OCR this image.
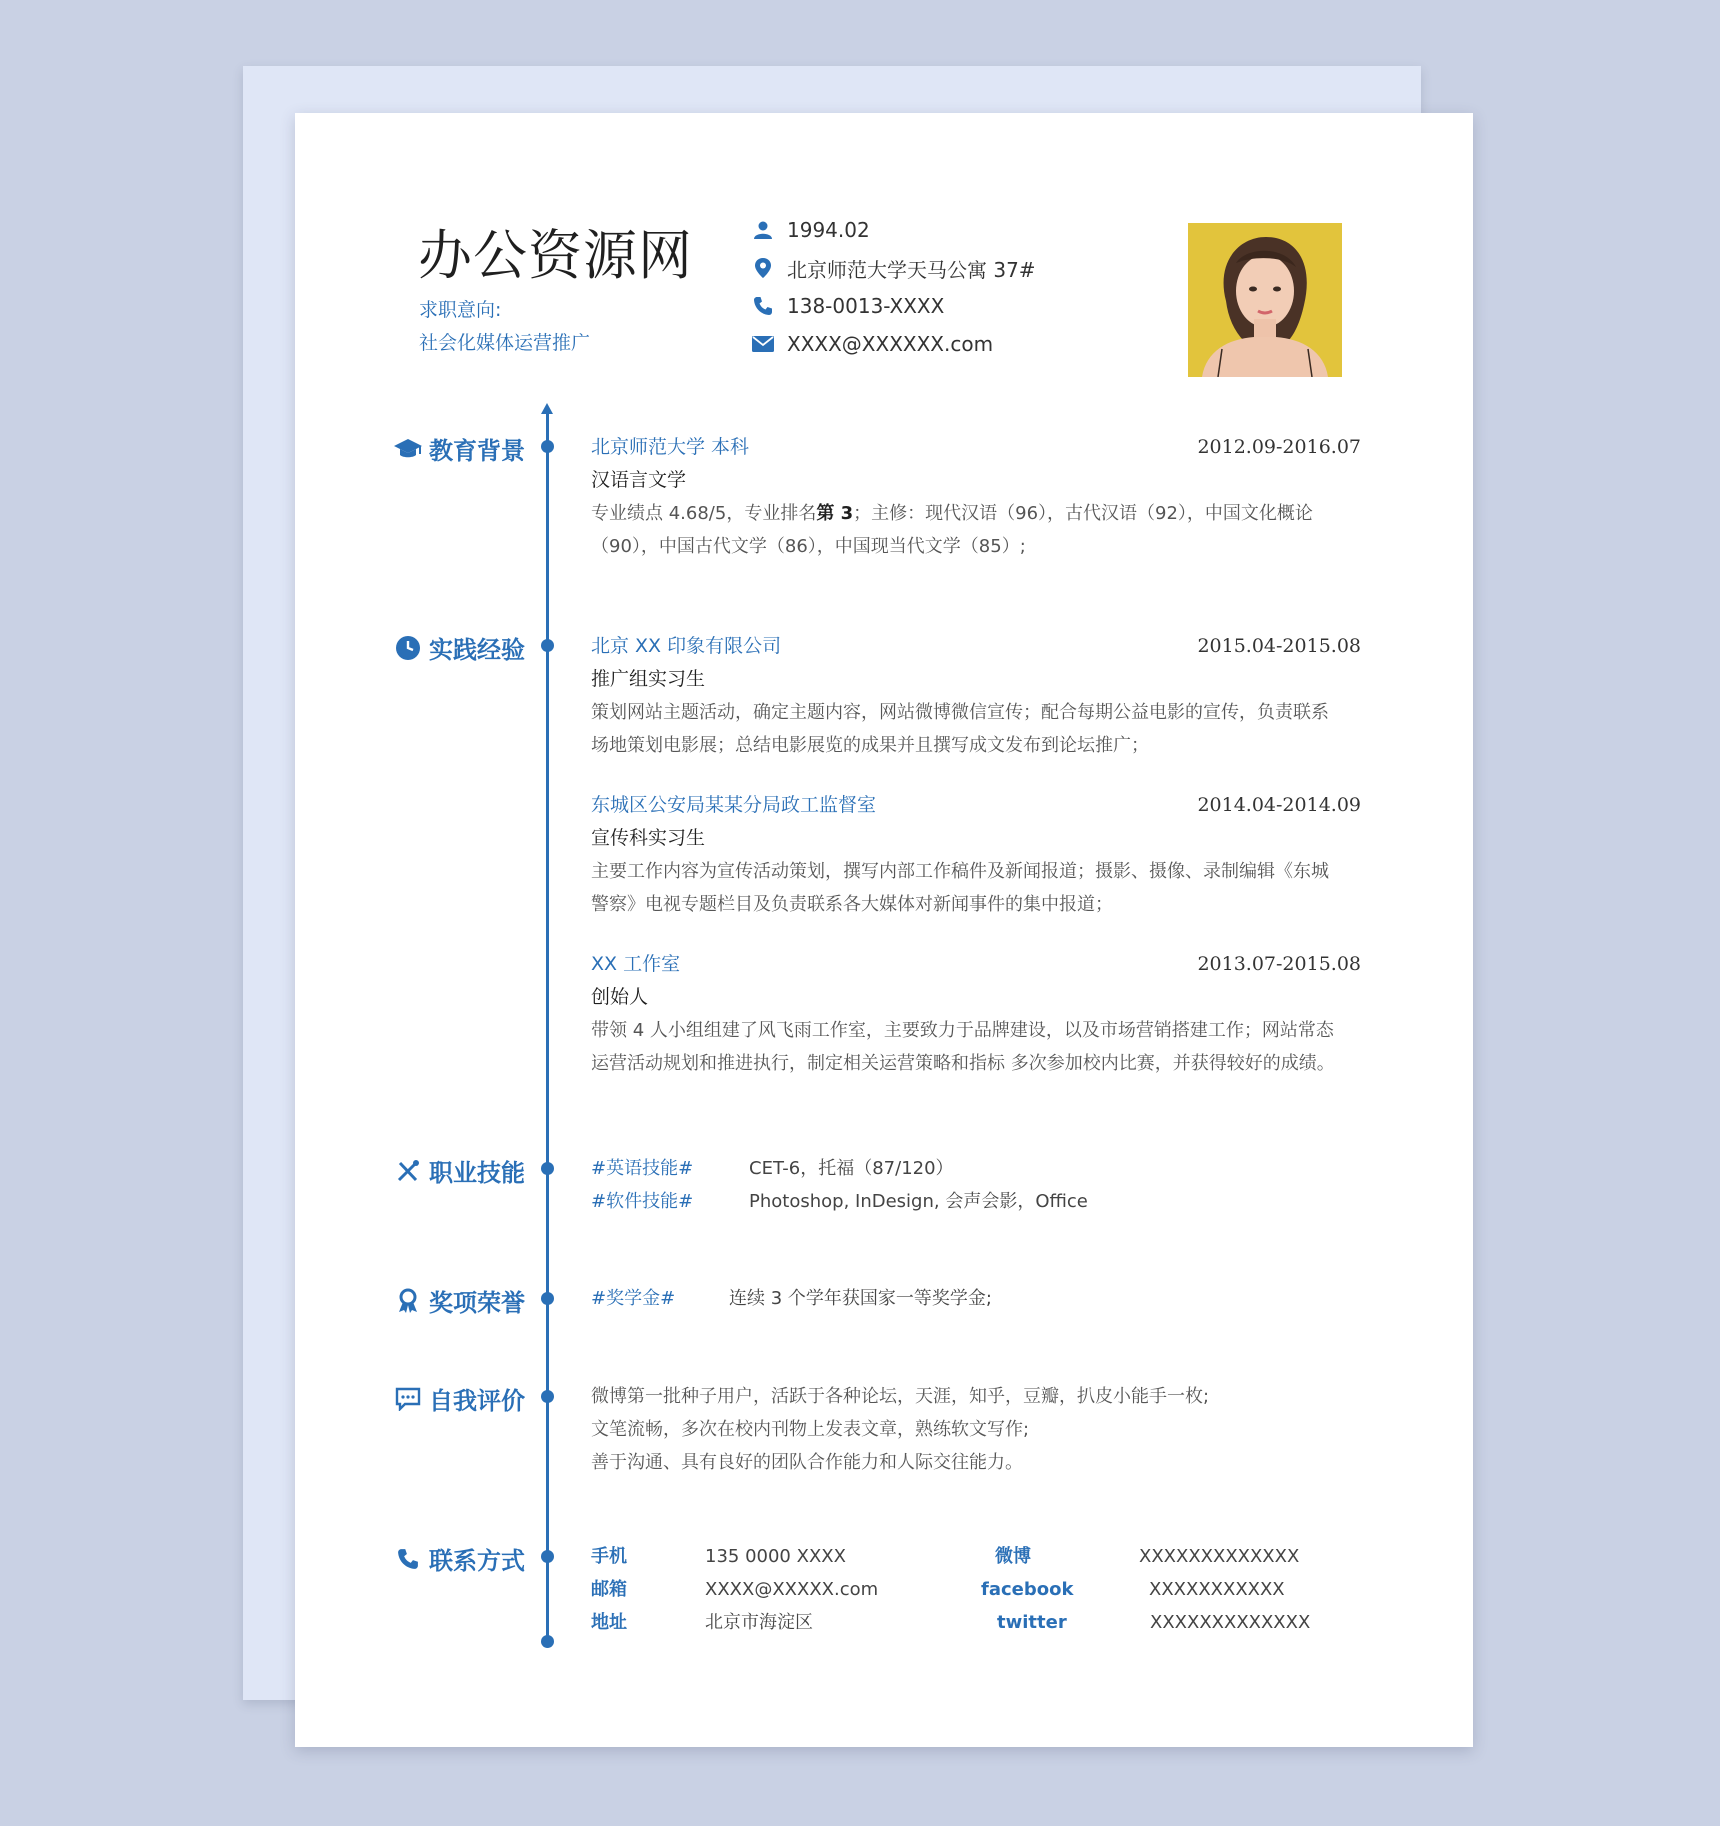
办公资源网
求职意向:
社会化媒体运营推广
1994.02
北京师范大学天马公寓 37#
138-0013-XXXX
XXXX@XXXXXX.com
教育背景
实践经验
职业技能
奖项荣誉
自我评价
联系方式
北京师范大学 本科	2012.09-2016.07
汉语言文学
专业绩点 4.68/5，专业排名第 3；主修：现代汉语（96），古代汉语（92），中国文化概论
（90），中国古代文学（86），中国现当代文学（85）;
北京 XX 印象有限公司	2015.04-2015.08
推广组实习生
策划网站主题活动，确定主题内容，网站微博微信宣传；配合每期公益电影的宣传，负责联系
场地策划电影展；总结电影展览的成果并且撰写成文发布到论坛推广；
东城区公安局某某分局政工监督室	2014.04-2014.09
宣传科实习生
主要工作内容为宣传活动策划，撰写内部工作稿件及新闻报道；摄影、摄像、录制编辑《东城
警察》电视专题栏目及负责联系各大媒体对新闻事件的集中报道；
XX 工作室	2013.07-2015.08
创始人
带领 4 人小组组建了风飞雨工作室，主要致力于品牌建设，以及市场营销搭建工作；网站常态
运营活动规划和推进执行，制定相关运营策略和指标 多次参加校内比赛，并获得较好的成绩。
#英语技能#	CET-6，托福（87/120）
#软件技能#	Photoshop, InDesign, 会声会影，Office
#奖学金#	连续 3 个学年获国家一等奖学金;
微博第一批种子用户，活跃于各种论坛，天涯，知乎，豆瓣，扒皮小能手一枚;
文笔流畅，多次在校内刊物上发表文章，熟练软文写作;
善于沟通、具有良好的团队合作能力和人际交往能力。
手机	135 0000 XXXX	微博	XXXXXXXXXXXXX
邮箱	XXXX@XXXXX.com	facebook	XXXXXXXXXXX
地址	北京市海淀区	twitter	XXXXXXXXXXXXX
